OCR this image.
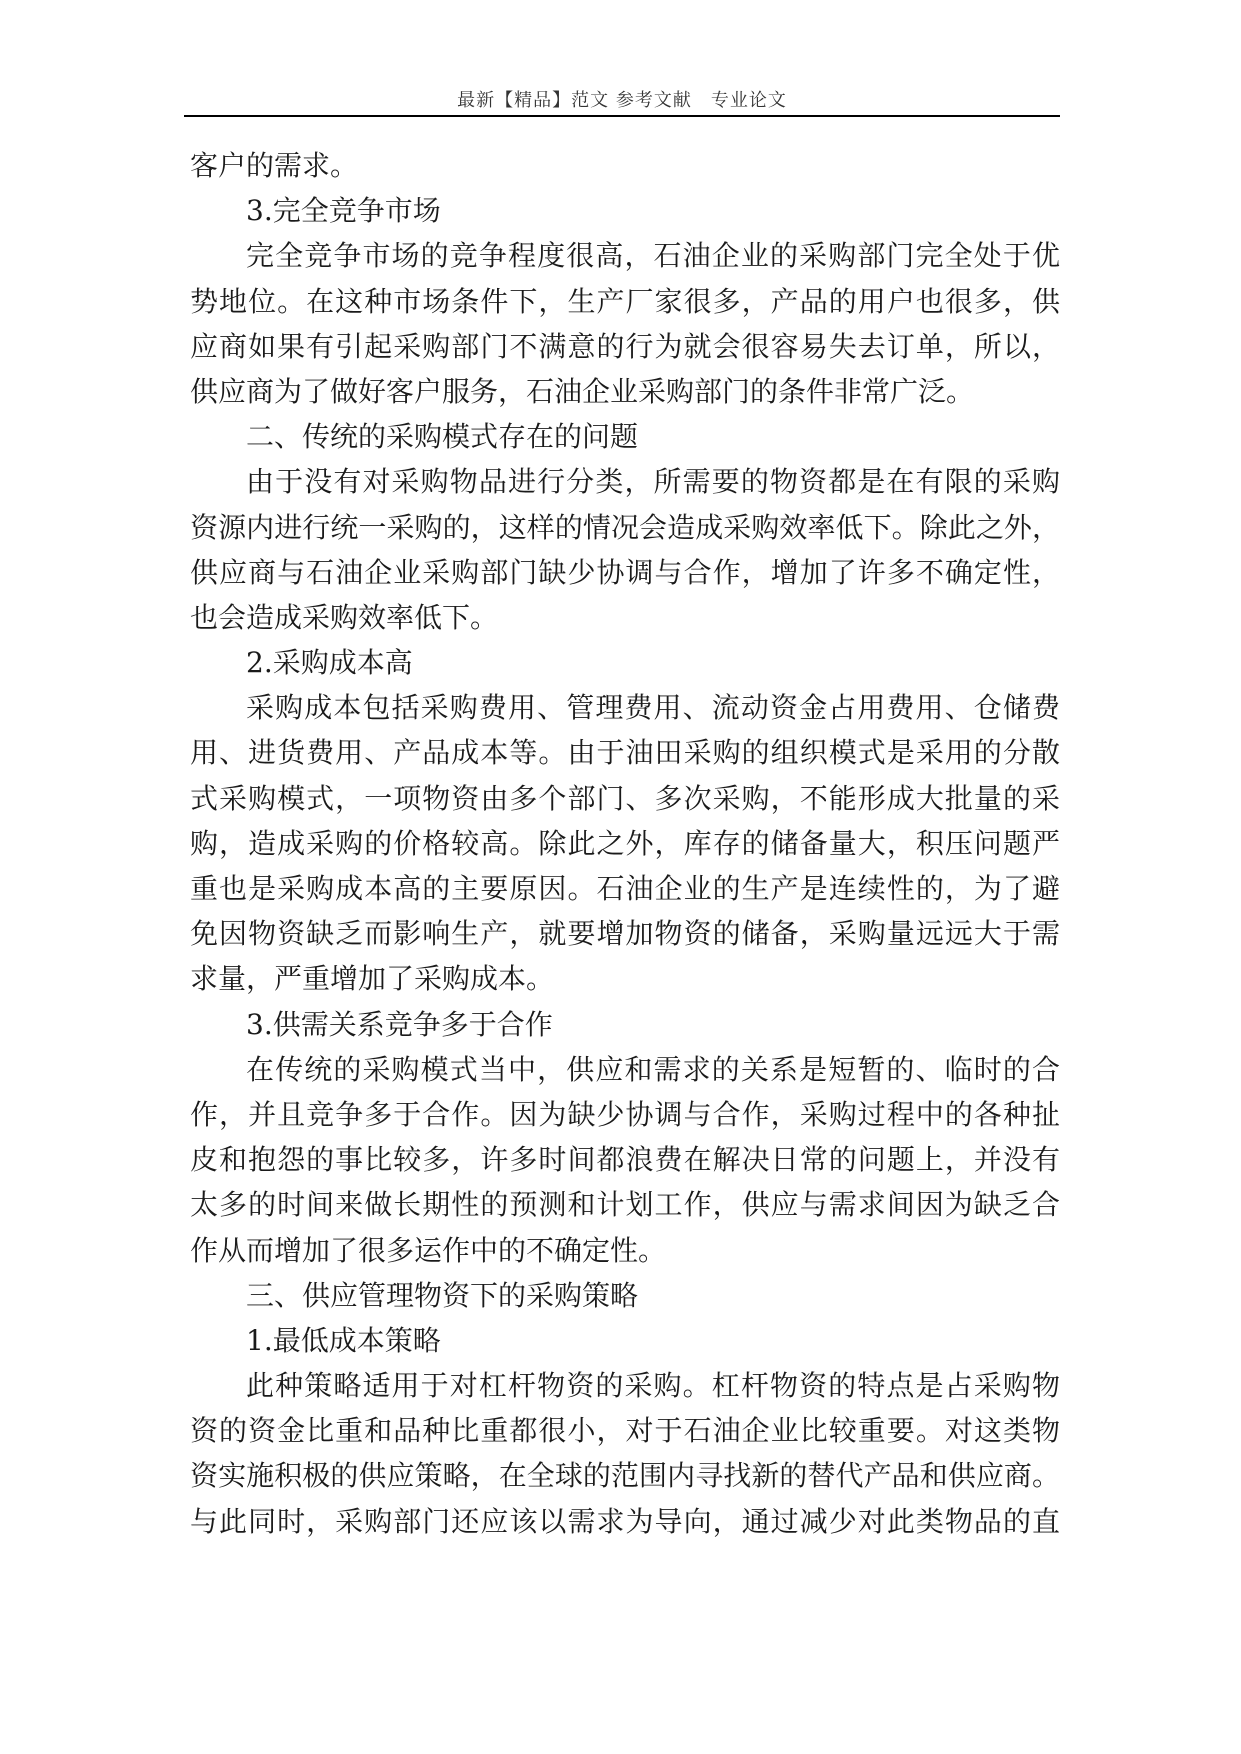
最新【精品】范文 参考文献　专业论文
客户的需求。
3.完全竞争市场
完全竞争市场的竞争程度很高，石油企业的采购部门完全处于优
势地位。在这种市场条件下，生产厂家很多，产品的用户也很多，供
应商如果有引起采购部门不满意的行为就会很容易失去订单，所以，
供应商为了做好客户服务，石油企业采购部门的条件非常广泛。
二、传统的采购模式存在的问题
由于没有对采购物品进行分类，所需要的物资都是在有限的采购
资源内进行统一采购的，这样的情况会造成采购效率低下。除此之外，
供应商与石油企业采购部门缺少协调与合作，增加了许多不确定性，
也会造成采购效率低下。
2.采购成本高
采购成本包括采购费用、管理费用、流动资金占用费用、仓储费
用、进货费用、产品成本等。由于油田采购的组织模式是采用的分散
式采购模式，一项物资由多个部门、多次采购，不能形成大批量的采
购，造成采购的价格较高。除此之外，库存的储备量大，积压问题严
重也是采购成本高的主要原因。石油企业的生产是连续性的，为了避
免因物资缺乏而影响生产，就要增加物资的储备，采购量远远大于需
求量，严重增加了采购成本。
3.供需关系竞争多于合作
在传统的采购模式当中，供应和需求的关系是短暂的、临时的合
作，并且竞争多于合作。因为缺少协调与合作，采购过程中的各种扯
皮和抱怨的事比较多，许多时间都浪费在解决日常的问题上，并没有
太多的时间来做长期性的预测和计划工作，供应与需求间因为缺乏合
作从而增加了很多运作中的不确定性。
三、供应管理物资下的采购策略
1.最低成本策略
此种策略适用于对杠杆物资的采购。杠杆物资的特点是占采购物
资的资金比重和品种比重都很小，对于石油企业比较重要。对这类物
资实施积极的供应策略，在全球的范围内寻找新的替代产品和供应商。
与此同时，采购部门还应该以需求为导向，通过减少对此类物品的直
